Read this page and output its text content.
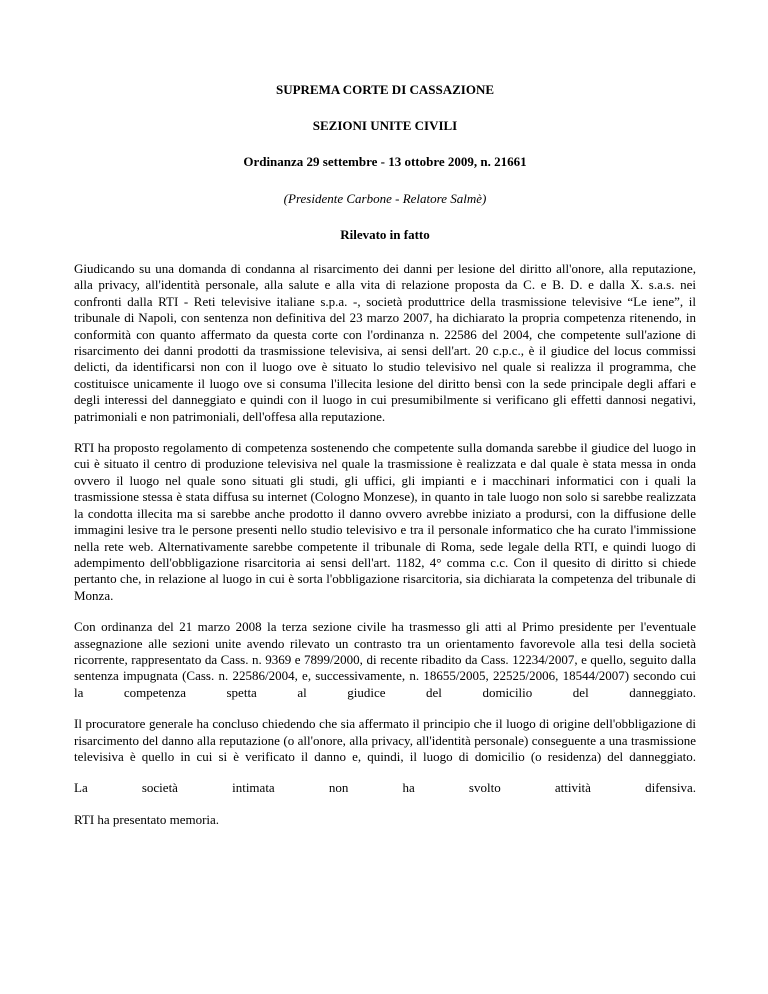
SUPREMA CORTE DI CASSAZIONE

SEZIONI UNITE CIVILI

Ordinanza 29 settembre - 13 ottobre 2009, n. 21661

(Presidente Carbone - Relatore Salmè)

Rilevato in fatto

Giudicando su una domanda di condanna al risarcimento dei danni per lesione del diritto all'onore, alla reputazione, alla privacy, all'identità personale, alla salute e alla vita di relazione proposta da C. e B. D. e dalla X. s.a.s. nei confronti dalla RTI - Reti televisive italiane s.p.a. -, società produttrice della trasmissione televisive “Le iene”, il tribunale di Napoli, con sentenza non definitiva del 23 marzo 2007, ha dichiarato la propria competenza ritenendo, in conformità con quanto affermato da questa corte con l'ordinanza n. 22586 del 2004, che competente sull'azione di risarcimento dei danni prodotti da trasmissione televisiva, ai sensi dell'art. 20 c.p.c., è il giudice del locus commissi delicti, da identificarsi non con il luogo ove è situato lo studio televisivo nel quale si realizza il programma, che costituisce unicamente il luogo ove si consuma l'illecita lesione del diritto bensì con la sede principale degli affari e degli interessi del danneggiato e quindi con il luogo in cui presumibilmente si verificano gli effetti dannosi negativi, patrimoniali e non patrimoniali, dell'offesa alla reputazione.

RTI ha proposto regolamento di competenza sostenendo che competente sulla domanda sarebbe il giudice del luogo in cui è situato il centro di produzione televisiva nel quale la trasmissione è realizzata e dal quale è stata messa in onda ovvero il luogo nel quale sono situati gli studi, gli uffici, gli impianti e i macchinari informatici con i quali la trasmissione stessa è stata diffusa su internet (Cologno Monzese), in quanto in tale luogo non solo si sarebbe realizzata la condotta illecita ma si sarebbe anche prodotto il danno ovvero avrebbe iniziato a prodursi, con la diffusione delle immagini lesive tra le persone presenti nello studio televisivo e tra il personale informatico che ha curato l'immissione nella rete web. Alternativamente sarebbe competente il tribunale di Roma, sede legale della RTI, e quindi luogo di adempimento dell'obbligazione risarcitoria ai sensi dell'art. 1182, 4° comma c.c. Con il quesito di diritto si chiede pertanto che, in relazione al luogo in cui è sorta l'obbligazione risarcitoria, sia dichiarata la competenza del tribunale di Monza.

Con ordinanza del 21 marzo 2008 la terza sezione civile ha trasmesso gli atti al Primo presidente per l'eventuale assegnazione alle sezioni unite avendo rilevato un contrasto tra un orientamento favorevole alla tesi della società ricorrente, rappresentato da Cass. n. 9369 e 7899/2000, di recente ribadito da Cass. 12234/2007, e quello, seguito dalla sentenza impugnata (Cass. n. 22586/2004, e, successivamente, n. 18655/2005, 22525/2006, 18544/2007) secondo cui la competenza spetta al giudice del domicilio del danneggiato.

Il procuratore generale ha concluso chiedendo che sia affermato il principio che il luogo di origine dell'obbligazione di risarcimento del danno alla reputazione (o all'onore, alla privacy, all'identità personale) conseguente a una trasmissione televisiva è quello in cui si è verificato il danno e, quindi, il luogo di domicilio (o residenza) del danneggiato.

La società intimata non ha svolto attività difensiva.

RTI ha presentato memoria.
